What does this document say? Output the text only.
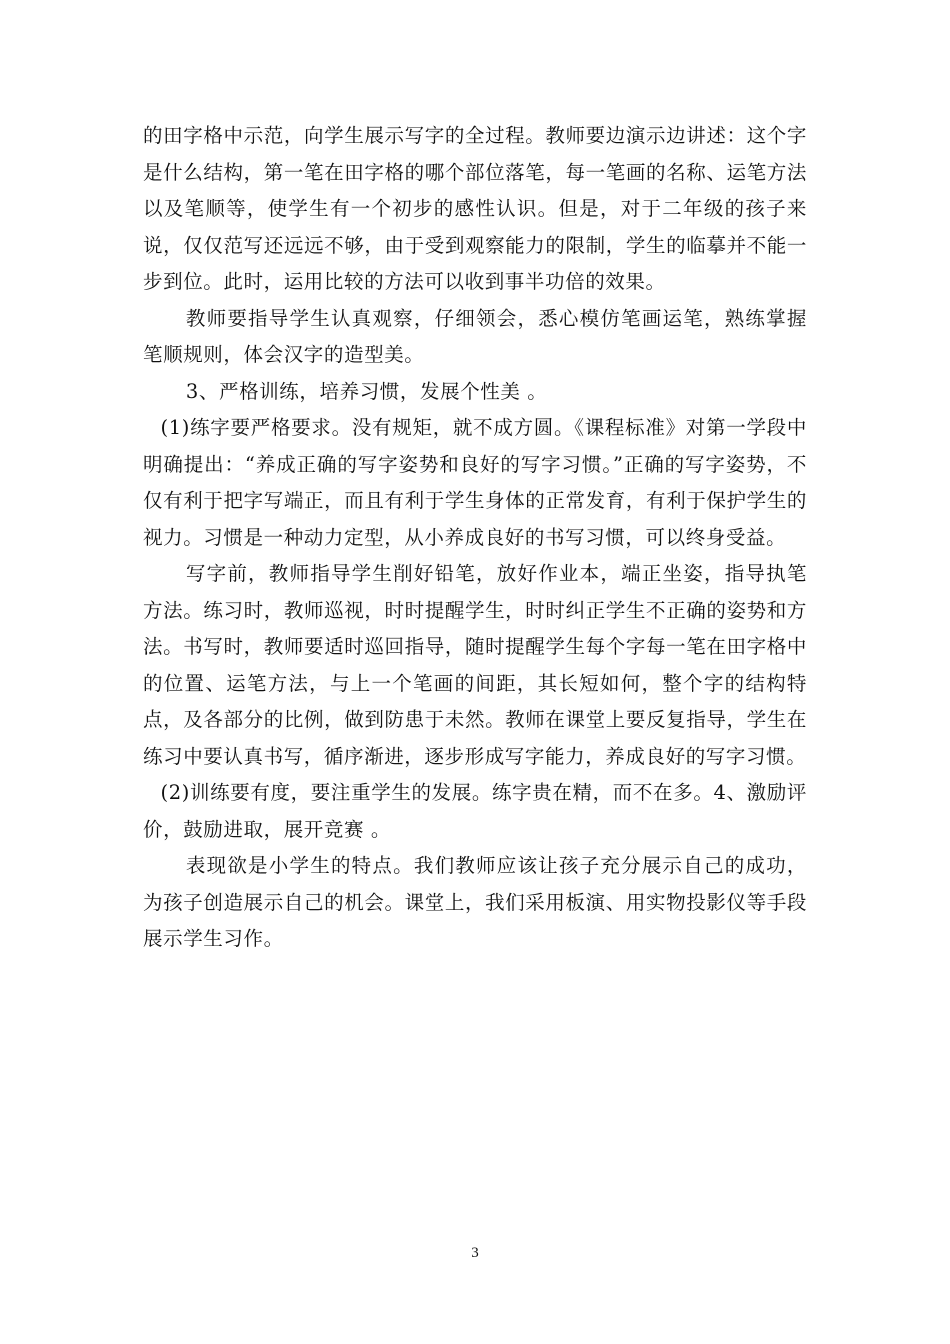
的田字格中示范，向学生展示写字的全过程。教师要边演示边讲述：这个字是什么结构，第一笔在田字格的哪个部位落笔，每一笔画的名称、运笔方法以及笔顺等，使学生有一个初步的感性认识。但是，对于二年级的孩子来说，仅仅范写还远远不够，由于受到观察能力的限制，学生的临摹并不能一步到位。此时，运用比较的方法可以收到事半功倍的效果。

教师要指导学生认真观察，仔细领会，悉心模仿笔画运笔，熟练掌握笔顺规则，体会汉字的造型美。

3、严格训练，培养习惯，发展个性美 。

(1)练字要严格要求。没有规矩，就不成方圆。《课程标准》对第一学段中明确提出：“养成正确的写字姿势和良好的写字习惯。”正确的写字姿势，不仅有利于把字写端正，而且有利于学生身体的正常发育，有利于保护学生的视力。习惯是一种动力定型，从小养成良好的书写习惯，可以终身受益。

写字前，教师指导学生削好铅笔，放好作业本，端正坐姿，指导执笔方法。练习时，教师巡视，时时提醒学生，时时纠正学生不正确的姿势和方法。书写时，教师要适时巡回指导，随时提醒学生每个字每一笔在田字格中的位置、运笔方法，与上一个笔画的间距，其长短如何，整个字的结构特点，及各部分的比例，做到防患于未然。教师在课堂上要反复指导，学生在练习中要认真书写，循序渐进，逐步形成写字能力，养成良好的写字习惯。

(2)训练要有度，要注重学生的发展。练字贵在精，而不在多。4、激励评价，鼓励进取，展开竞赛 。

表现欲是小学生的特点。我们教师应该让孩子充分展示自己的成功，为孩子创造展示自己的机会。课堂上，我们采用板演、用实物投影仪等手段展示学生习作。

3
